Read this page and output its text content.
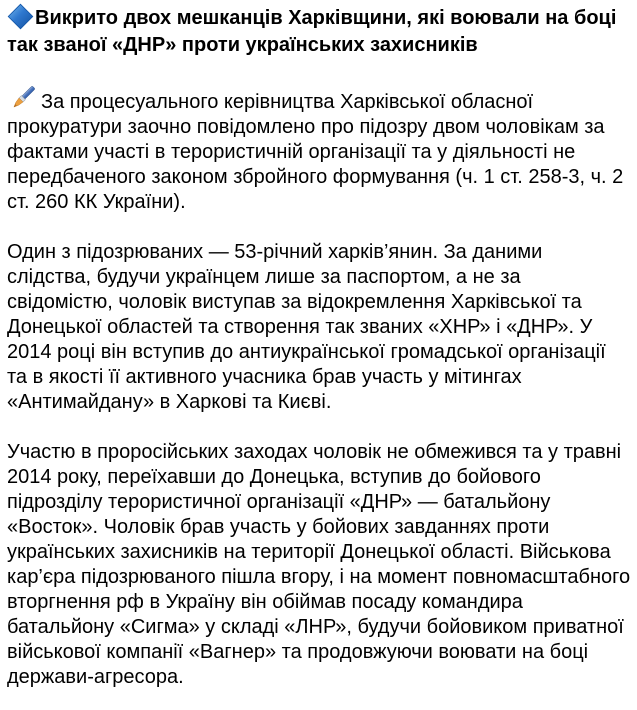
Викрито двох мешканців Харківщини, які воювали на боці так званої «ДНР» проти українських захисників

За процесуального керівництва Харківської обласної прокуратури заочно повідомлено про підозру двом чоловікам за фактами участі в терористичній організації та у діяльності не передбаченого законом збройного формування (ч. 1 ст. 258-3, ч. 2 ст. 260 КК України).

Один з підозрюваних — 53-річний харків’янин. За даними слідства, будучи українцем лише за паспортом, а не за свідомістю, чоловік виступав за відокремлення Харківської та Донецької областей та створення так званих «ХНР» і «ДНР». У 2014 році він вступив до антиукраїнської громадської організації та в якості її активного учасника брав участь у мітингах «Антимайдану» в Харкові та Києві.

Участю в проросійських заходах чоловік не обмежився та у травні 2014 року, переїхавши до Донецька, вступив до бойового підрозділу терористичної організації «ДНР» — батальйону «Восток». Чоловік брав участь у бойових завданнях проти українських захисників на території Донецької області. Військова кар’єра підозрюваного пішла вгору, і на момент повномасштабного вторгнення рф в Україну він обіймав посаду командира батальйону «Сигма» у складі «ЛНР», будучи бойовиком приватної військової компанії «Вагнер» та продовжуючи воювати на боці держави-агресора.
